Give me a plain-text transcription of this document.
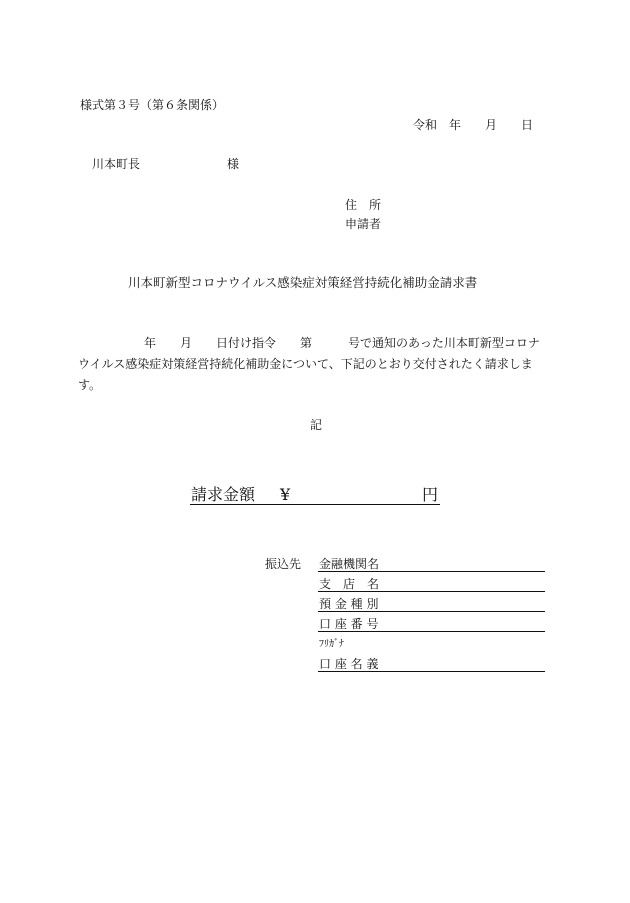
様式第３号（第６条関係）
令和　年　　月　　日
川本町長	様
住　所
申請者
川本町新型コロナウイルス感染症対策経営持続化補助金請求書
年　　月　　日付け指令　　第　　　号で通知のあった川本町新型コロナウイルス感染症対策経営持続化補助金について、下記のとおり交付されたく請求します。
記
請求金額 ¥	円
振込先 金融機関名
支　店　名
預 金 種 別
口 座 番 号
ﾌﾘｶﾞﾅ
口 座 名 義
